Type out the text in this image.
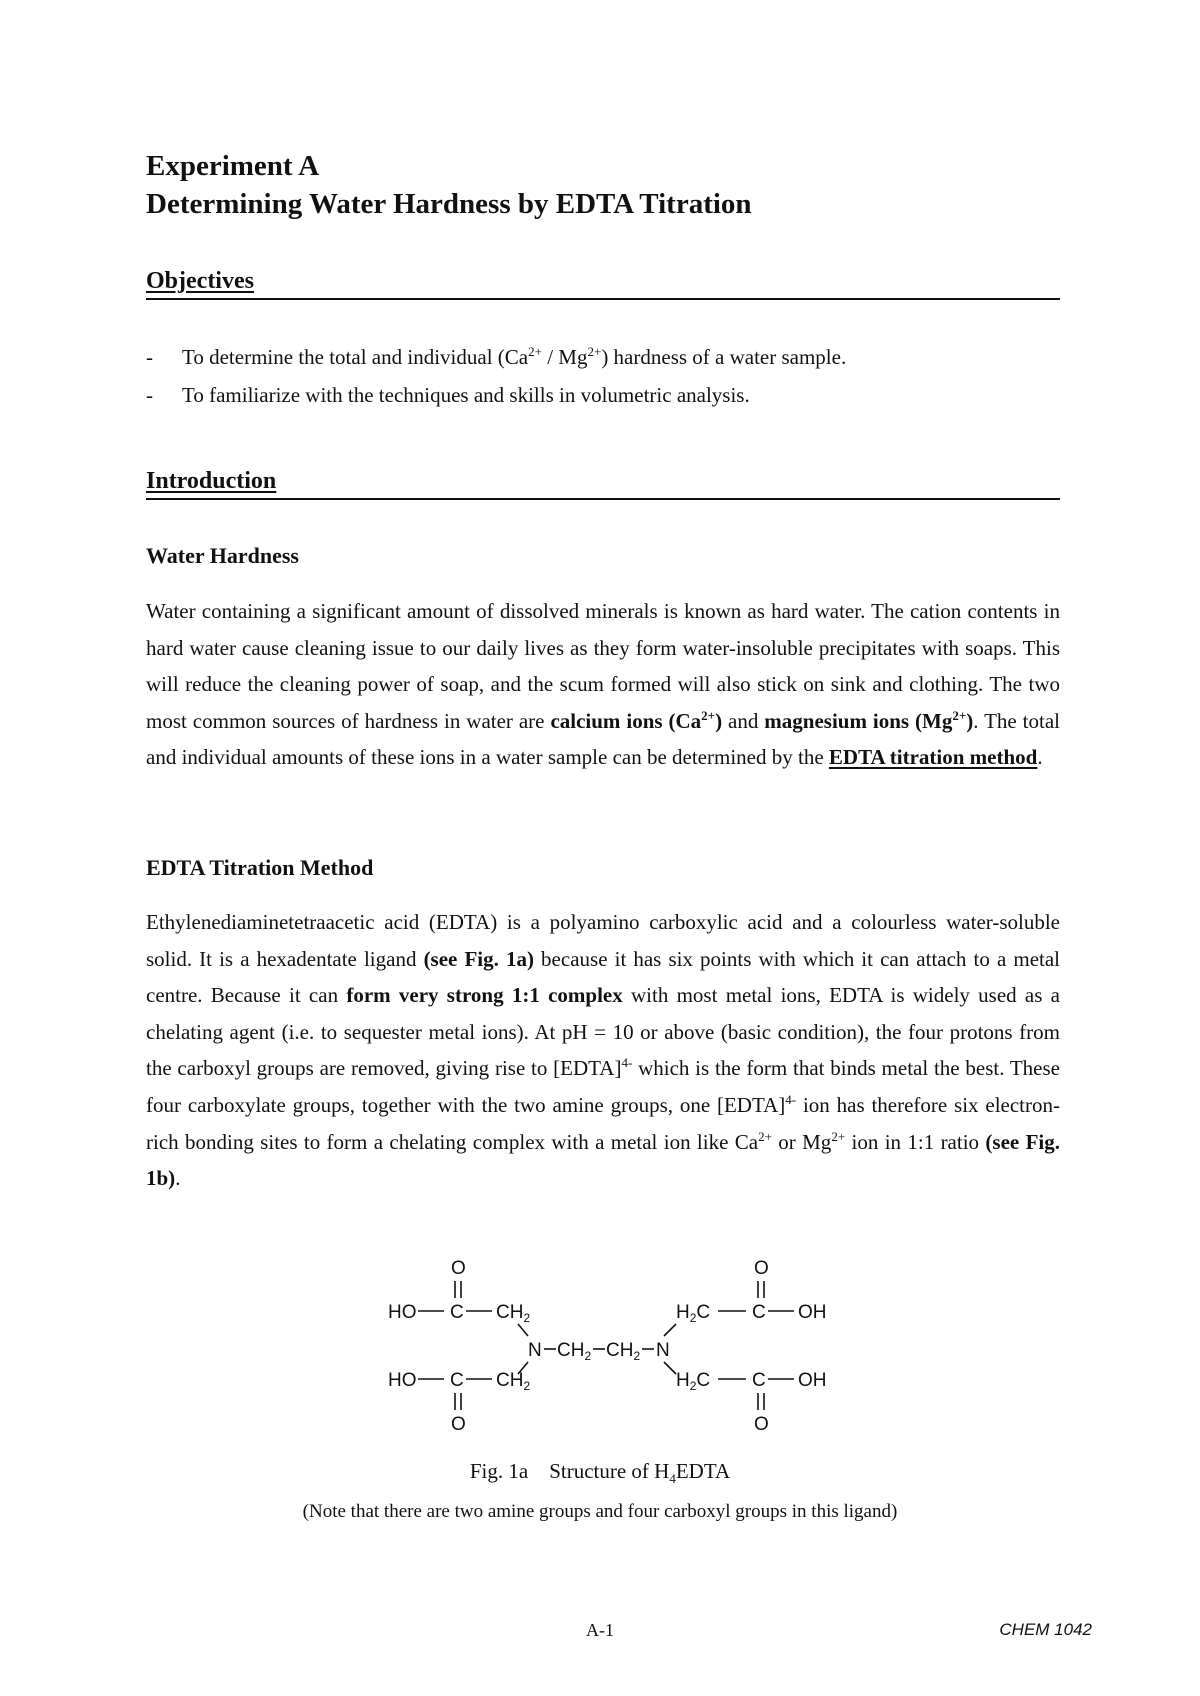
Experiment A
Determining Water Hardness by EDTA Titration
Objectives
-	To determine the total and individual $(Ca^{2+} / Mg^{2+})$ hardness of a water sample.
-	To familiarize with the techniques and skills in volumetric analysis.
Introduction
Water Hardness
Water containing a significant amount of dissolved minerals is known as hard water. The cation contents in hard water cause cleaning issue to our daily lives as they form water-insoluble precipitates with soaps. This will reduce the cleaning power of soap, and the scum formed will also stick on sink and clothing. The two most common sources of hardness in water are calcium ions $(Ca^{2+})$ and magnesium ions $(Mg^{2+})$. The total and individual amounts of these ions in a water sample can be determined by the EDTA titration method.
EDTA Titration Method
Ethylenediaminetetraacetic acid (EDTA) is a polyamino carboxylic acid and a colourless water-soluble solid. It is a hexadentate ligand (see Fig. 1a) because it has six points with which it can attach to a metal centre. Because it can form very strong 1:1 complex with most metal ions, EDTA is widely used as a chelating agent (i.e. to sequester metal ions). At pH = 10 or above (basic condition), the four protons from the carboxyl groups are removed, giving rise to [EDTA]$^{4-}$ which is the form that binds metal the best. These four carboxylate groups, together with the two amine groups, one [EDTA]$^{4-}$ ion has therefore six electron-rich bonding sites to form a chelating complex with a metal ion like $Ca^{2+}$ or $Mg^{2+}$ ion in 1:1 ratio (see Fig. 1b).
O
HO C $CH_2$
N $CH_2$ $CH_2$ N
O
$H_2C$ C OH
HO C $CH_2$
O
$H_2C$ C OH
O
Fig. 1a Structure of $H_4EDTA$
(Note that there are two amine groups and four carboxyl groups in this ligand)
A-1	CHEM 1042
